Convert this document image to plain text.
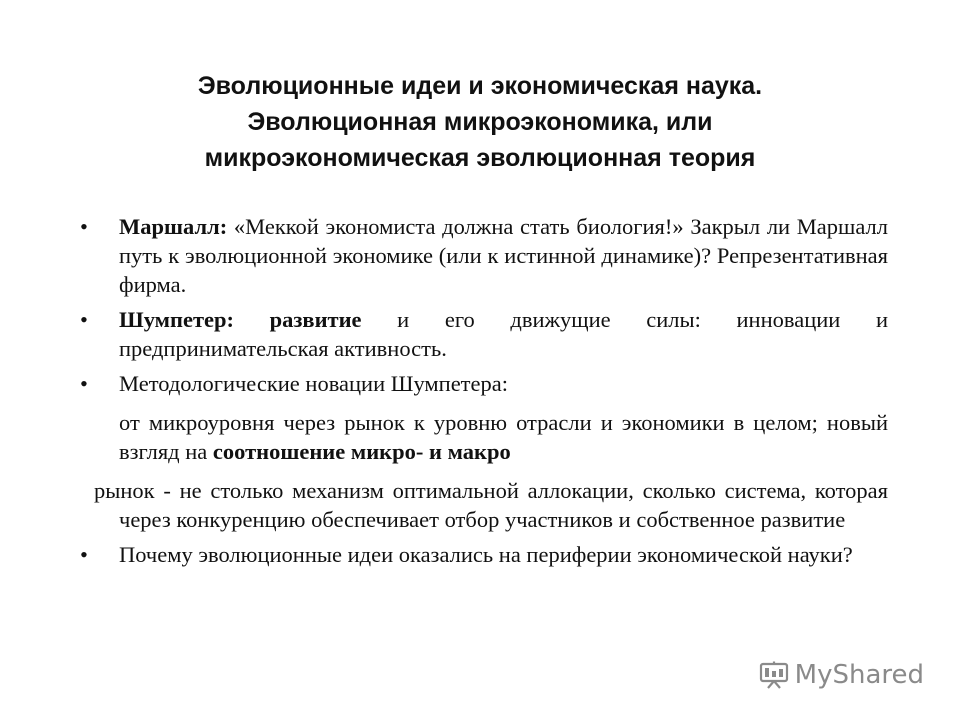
Эволюционные идеи и экономическая наука.
Эволюционная микроэкономика, или
микроэкономическая эволюционная теория
•	Маршалл: «Меккой экономиста должна стать биология!» Закрыл ли Маршалл путь к эволюционной экономике (или к истинной динамике)? Репрезентативная фирма.
•	Шумпетер: развитие и его движущие силы: инновации и предпринимательская активность.
•	Методологические новации Шумпетера:
от микроуровня через рынок к уровню отрасли и экономики в целом; новый взгляд на соотношение микро- и макро
рынок - не столько механизм оптимальной аллокации, сколько система, которая через конкуренцию обеспечивает отбор участников и собственное развитие
•	Почему эволюционные идеи оказались на периферии экономической науки?
MyShared
